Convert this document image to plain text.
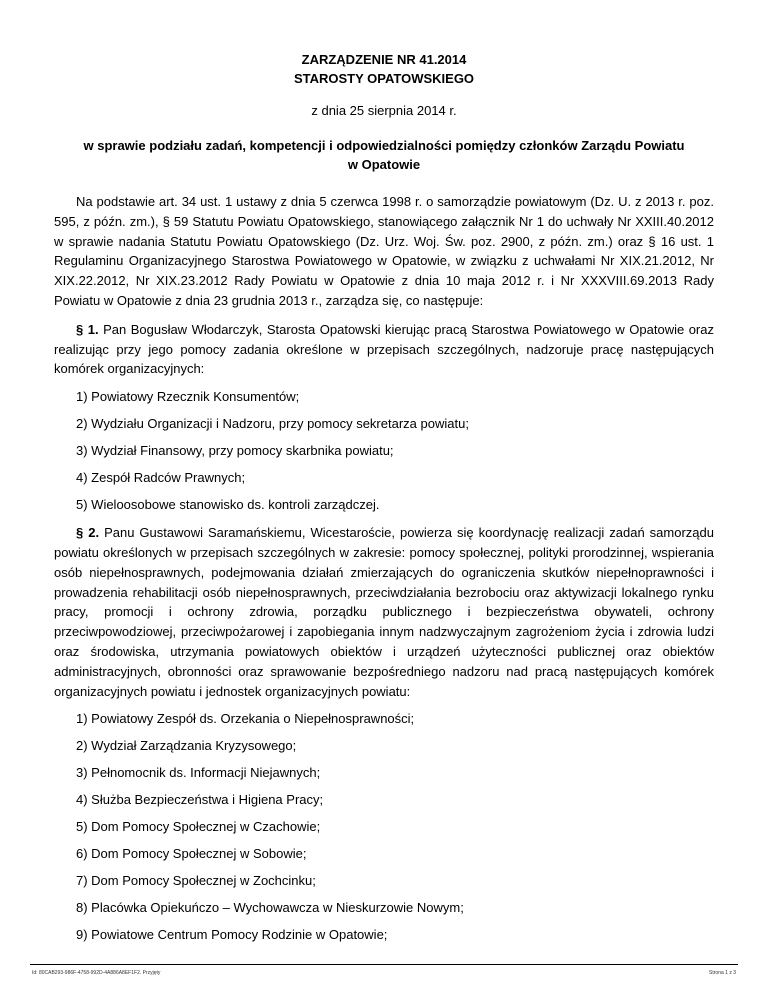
ZARZĄDZENIE NR 41.2014
STAROSTY OPATOWSKIEGO
z dnia 25 sierpnia 2014 r.
w sprawie podziału zadań, kompetencji i odpowiedzialności pomiędzy członków Zarządu Powiatu
w Opatowie

Na podstawie art. 34 ust. 1 ustawy z dnia 5 czerwca 1998 r. o samorządzie powiatowym (Dz. U. z 2013 r. poz. 595, z późn. zm.), § 59 Statutu Powiatu Opatowskiego, stanowiącego załącznik Nr 1 do uchwały Nr XXIII.40.2012 w sprawie nadania Statutu Powiatu Opatowskiego (Dz. Urz. Woj. Św. poz. 2900, z późn. zm.) oraz § 16 ust. 1 Regulaminu Organizacyjnego Starostwa Powiatowego w Opatowie, w związku z uchwałami Nr XIX.21.2012, Nr XIX.22.2012, Nr XIX.23.2012 Rady Powiatu w Opatowie z dnia 10 maja 2012 r. i Nr XXXVIII.69.2013 Rady Powiatu w Opatowie z dnia 23 grudnia 2013 r., zarządza się, co następuje:

§ 1. Pan Bogusław Włodarczyk, Starosta Opatowski kierując pracą Starostwa Powiatowego w Opatowie oraz realizując przy jego pomocy zadania określone w przepisach szczególnych, nadzoruje pracę następujących komórek organizacyjnych:

1) Powiatowy Rzecznik Konsumentów;
2) Wydziału Organizacji i Nadzoru, przy pomocy sekretarza powiatu;
3) Wydział Finansowy, przy pomocy skarbnika powiatu;
4) Zespół Radców Prawnych;
5) Wieloosobowe stanowisko ds. kontroli zarządczej.

§ 2. Panu Gustawowi Saramańskiemu, Wicestaroście, powierza się koordynację realizacji zadań samorządu powiatu określonych w przepisach szczególnych w zakresie: pomocy społecznej, polityki prorodzinnej, wspierania osób niepełnosprawnych, podejmowania działań zmierzających do ograniczenia skutków niepełnoprawności i prowadzenia rehabilitacji osób niepełnosprawnych, przeciwdziałania bezrobociu oraz aktywizacji lokalnego rynku pracy, promocji i ochrony zdrowia, porządku publicznego i bezpieczeństwa obywateli, ochrony przeciwpowodziowej, przeciwpożarowej i zapobiegania innym nadzwyczajnym zagrożeniom życia i zdrowia ludzi oraz środowiska, utrzymania powiatowych obiektów i urządzeń użyteczności publicznej oraz obiektów administracyjnych, obronności oraz sprawowanie bezpośredniego nadzoru nad pracą następujących komórek organizacyjnych powiatu i jednostek organizacyjnych powiatu:

1) Powiatowy Zespół ds. Orzekania o Niepełnosprawności;
2) Wydział Zarządzania Kryzysowego;
3) Pełnomocnik ds. Informacji Niejawnych;
4) Służba Bezpieczeństwa i Higiena Pracy;
5) Dom Pomocy Społecznej w Czachowie;
6) Dom Pomocy Społecznej w Sobowie;
7) Dom Pomocy Społecznej w Zochcinku;
8) Placówka Opiekuńczo – Wychowawcza w Nieskurzowie Nowym;
9) Powiatowe Centrum Pomocy Rodzinie w Opatowie;
Id: 80CAB293-986F-4758-992D-4A886A8EF1F2. Przyjęty	Strona 1 z 3
